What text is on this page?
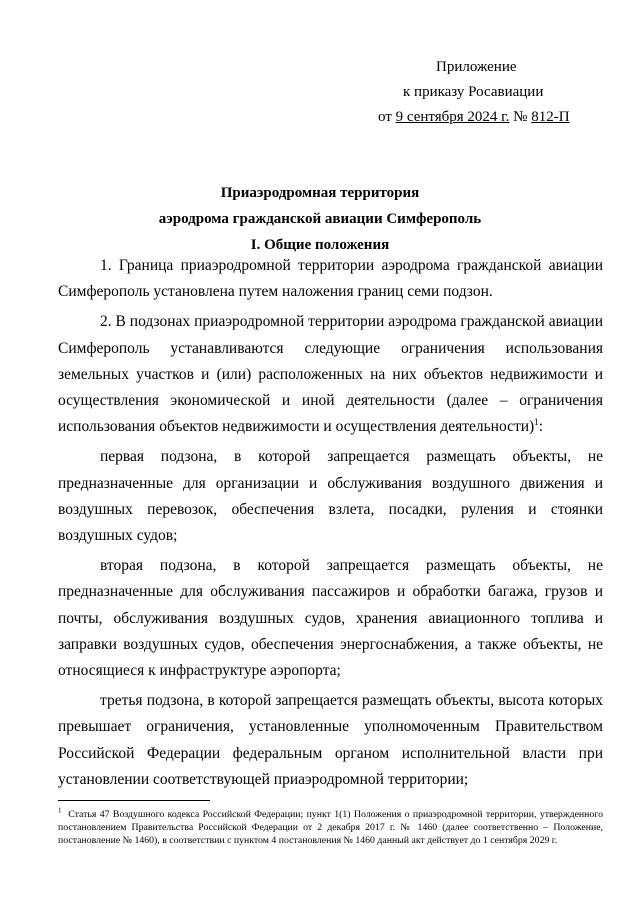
Приложение
к приказу Росавиации
от 9 сентября 2024 г. № 812-П
Приаэродромная территория
аэродрома гражданской авиации Симферополь
I. Общие положения

1. Граница приаэродромной территории аэродрома гражданской авиации Симферополь установлена путем наложения границ семи подзон.

2. В подзонах приаэродромной территории аэродрома гражданской авиации Симферополь устанавливаются следующие ограничения использования земельных участков и (или) расположенных на них объектов недвижимости и осуществления экономической и иной деятельности (далее – ограничения использования объектов недвижимости и осуществления деятельности)$^1$:

первая подзона, в которой запрещается размещать объекты, не предназначенные для организации и обслуживания воздушного движения и воздушных перевозок, обеспечения взлета, посадки, руления и стоянки воздушных судов;

вторая подзона, в которой запрещается размещать объекты, не предназначенные для обслуживания пассажиров и обработки багажа, грузов и почты, обслуживания воздушных судов, хранения авиационного топлива и заправки воздушных судов, обеспечения энергоснабжения, а также объекты, не относящиеся к инфраструктуре аэропорта;

третья подзона, в которой запрещается размещать объекты, высота которых превышает ограничения, установленные уполномоченным Правительством Российской Федерации федеральным органом исполнительной власти при установлении соответствующей приаэродромной территории;

$^1$ Статья 47 Воздушного кодекса Российской Федерации; пункт 1(1) Положения о приаэродромной территории, утвержденного постановлением Правительства Российской Федерации от 2 декабря 2017 г. № 1460 (далее соответственно – Положение, постановление № 1460), в соответствии с пунктом 4 постановления № 1460 данный акт действует до 1 сентября 2029 г.
